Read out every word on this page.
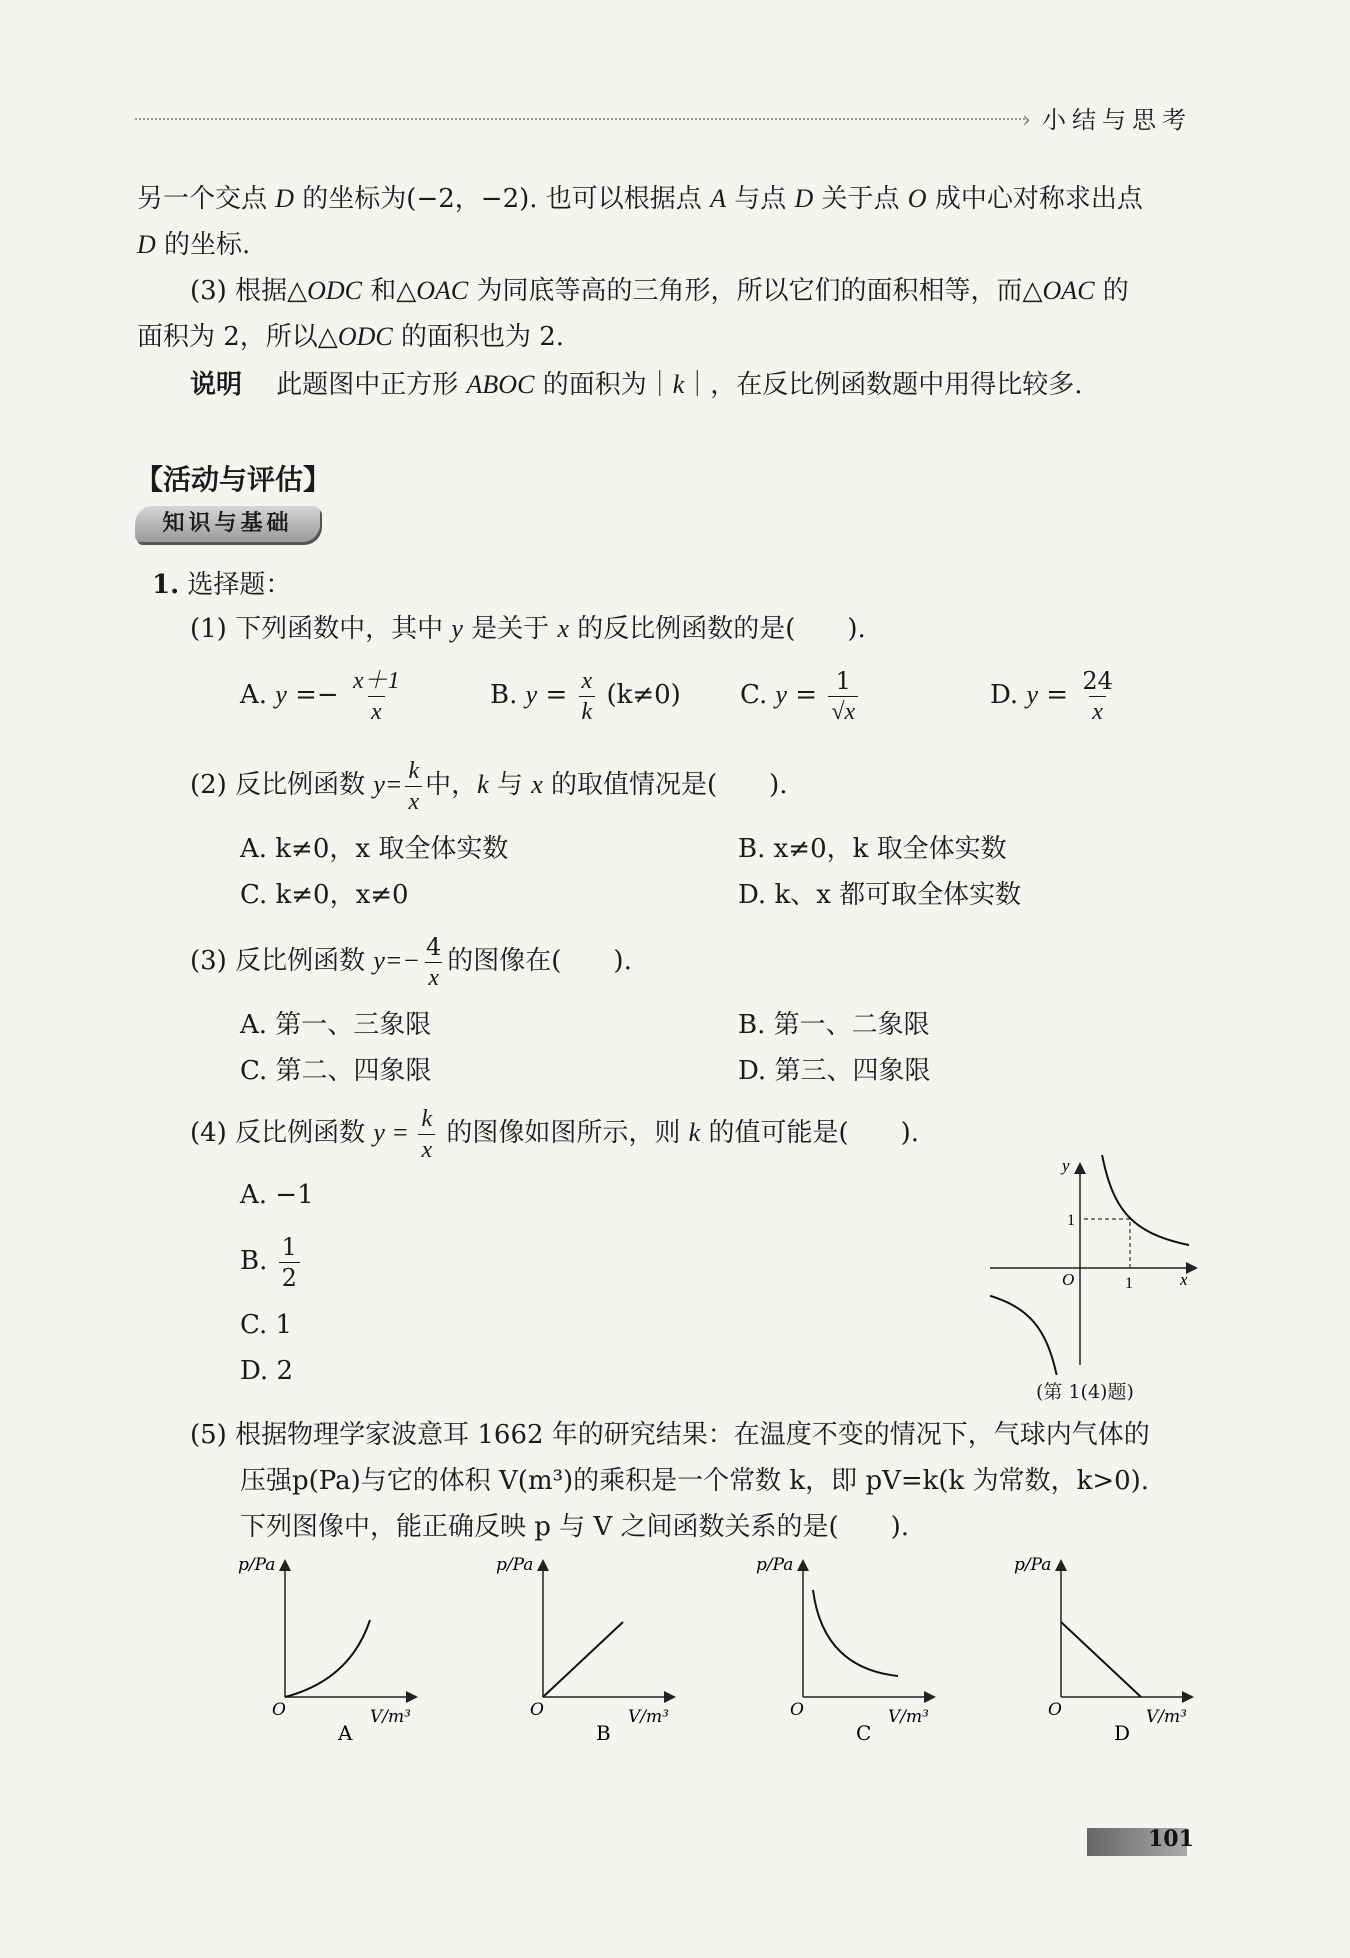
› 小结与思考
另一个交点 D 的坐标为(−2，−2). 也可以根据点 A 与点 D 关于点 O 成中心对称求出点
D 的坐标.
(3) 根据△ODC 和△OAC 为同底等高的三角形，所以它们的面积相等，而△OAC 的
面积为 2，所以△ODC 的面积也为 2.
说明　 此题图中正方形 ABOC 的面积为｜k｜，在反比例函数题中用得比较多.
【活动与评估】
知识与基础
1. 选择题：
(1) 下列函数中，其中 y 是关于 x 的反比例函数的是(　　).
A. $y =- \frac{x+1}{x}$	B. $y = \frac{x}{k} (k\ne 0)$ C. $y = \frac{1}{√x}$	D. $y = \frac{24}{x}$
(2) 反比例函数 $y= \frac{k}{x}$ 中，k 与 x 的取值情况是(　　).
A. k≠0，x 取全体实数	B. x≠0，k 取全体实数
C. k≠0，x≠0	D. k、x 都可取全体实数
(3) 反比例函数 $y=- \frac{4}{x}$ 的图像在(　　).
A. 第一、三象限	B. 第一、二象限
C. 第二、四象限	D. 第三、四象限
(4) 反比例函数 $y = \frac{k}{x}$ 的图像如图所示，则 k 的值可能是(　　).
A. −1
B. $\frac{1}{2}$
C. 1
D. 2
y
x
O
1
1
(第 1(4)题)
(5) 根据物理学家波意耳 1662 年的研究结果：在温度不变的情况下，气球内气体的
压强p(Pa)与它的体积 V(m³)的乘积是一个常数 k，即 pV=k(k 为常数，k>0).
下列图像中，能正确反映 p 与 V 之间函数关系的是(　　).
p/Pa
V/m³
O
A
p/Pa
V/m³
O
B
p/Pa
V/m³
O
C
p/Pa
V/m³
O
D
101
